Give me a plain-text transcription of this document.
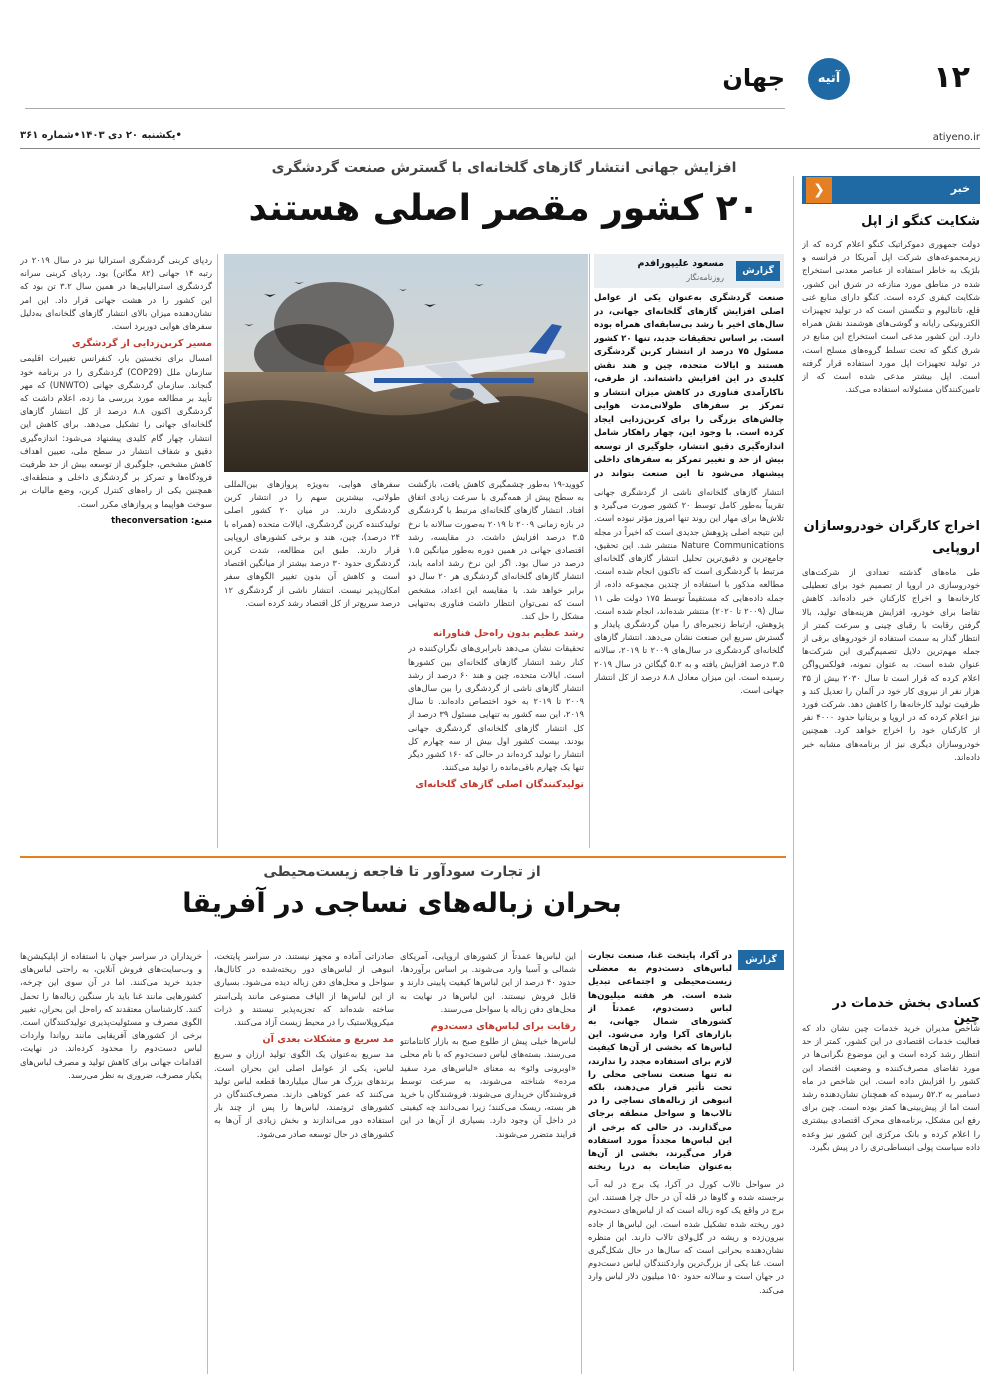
۱۲
آتیه
جهان
atiyeno.ir
•یکشنبه ۲۰ دی ۱۴۰۳•شماره ۳۶۱
خبر
❮
شکایت کنگو از اپل
دولت جمهوری دموکراتیک کنگو اعلام کرده که از زیرمجموعه‌های شرکت اپل آمریکا در فرانسه و بلژیک به خاطر استفاده از عناصر معدنی استخراج شده در مناطق مورد منازعه در شرق این کشور، شکایت کیفری کرده است. کنگو دارای منابع غنی قلع، تانتالیوم و تنگستن است که در تولید تجهیزات الکترونیکی رایانه و گوشی‌های هوشمند نقش همراه دارد. این کشور مدعی است استخراج این منابع در شرق کنگو که تحت تسلط گروه‌های مسلح است، در تولید تجهیزات اپل مورد استفاده قرار گرفته است. اپل بیشتر مدعی شده است که از تامین‌کنندگان مسئولانه استفاده می‌کند.
اخراج کارگران خودروسازان اروپایی
طی ماه‌های گذشته تعدادی از شرکت‌های خودروسازی در اروپا از تصمیم خود برای تعطیلی کارخانه‌ها و اخراج کارکنان خبر داده‌اند. کاهش تقاضا برای خودرو، افزایش هزینه‌های تولید، بالا گرفتن رقابت با رقبای چینی و سرعت کمتر از انتظار گذار به سمت استفاده از خودروهای برقی از جمله مهم‌ترین دلایل تصمیم‌گیری این شرکت‌ها عنوان شده است. به عنوان نمونه، فولکس‌واگن اعلام کرده که قرار است تا سال ۲۰۳۰ بیش از ۳۵ هزار نفر از نیروی کار خود در آلمان را تعدیل کند و ظرفیت تولید کارخانه‌ها را کاهش دهد. شرکت فورد نیز اعلام کرده که در اروپا و بریتانیا حدود ۴۰۰۰ نفر از کارکنان خود را اخراج خواهد کرد. همچنین خودروسازان دیگری نیز از برنامه‌های مشابه خبر داده‌اند.
کسادی بخش خدمات در چین
شاخص مدیران خرید خدمات چین نشان داد که فعالیت خدمات اقتصادی در این کشور، کمتر از حد انتظار رشد کرده است و این موضوع نگرانی‌ها در مورد تقاضای مصرف‌کننده و وضعیت اقتصاد این کشور را افزایش داده است. این شاخص در ماه دسامبر به ۵۲.۲ رسیده که همچنان نشان‌دهنده رشد است اما از پیش‌بینی‌ها کمتر بوده است. چین برای رفع این مشکل، برنامه‌های محرک اقتصادی بیشتری را اعلام کرده و بانک مرکزی این کشور نیز وعده داده سیاست پولی انبساطی‌تری را در پیش بگیرد.
افزایش جهانی انتشار گازهای گلخانه‌ای با گسترش صنعت گردشگری
۲۰ کشور مقصر اصلی هستند
گزارش
مسعود علیپورافدم
روزنامه‌نگار
صنعت گردشگری به‌عنوان یکی از عوامل اصلی افزایش گازهای گلخانه‌ای جهانی، در سال‌های اخیر با رشد بی‌سابقه‌ای همراه بوده است. بر اساس تحقیقات جدید، تنها ۲۰ کشور مسئول ۷۵ درصد از انتشار کربن گردشگری هستند و ایالات متحده، چین و هند نقش کلیدی در این افزایش داشته‌اند. از طرفی، ناکارآمدی فناوری در کاهش میزان انتشار و تمرکز بر سفرهای طولانی‌مدت هوایی چالش‌های بزرگی را برای کربن‌زدایی ایجاد کرده است. با وجود این، چهار راهکار شامل اندازه‌گیری دقیق انتشار، جلوگیری از توسعه بیش از حد و تغییر تمرکز به سفرهای داخلی پیشنهاد می‌شود تا این صنعت بتواند در

انتشار گازهای گلخانه‌ای ناشی از گردشگری جهانی تقریباً به‌طور کامل توسط ۲۰ کشور صورت می‌گیرد و تلاش‌ها برای مهار این روند تنها امروز مؤثر نبوده است. این نتیجه اصلی پژوهش جدیدی است که اخیراً در مجله Nature Communications منتشر شد. این تحقیق، جامع‌ترین و دقیق‌ترین تحلیل انتشار گازهای گلخانه‌ای مرتبط با گردشگری است که تاکنون انجام شده است. مطالعه مذکور با استفاده از چندین مجموعه داده، از جمله داده‌هایی که مستقیماً توسط ۱۷۵ دولت طی ۱۱ سال (۲۰۰۹ تا ۲۰۲۰) منتشر شده‌اند، انجام شده است. پژوهش، ارتباط زنجیره‌ای را میان گردشگری پایدار و گسترش سریع این صنعت نشان می‌دهد. انتشار گازهای گلخانه‌ای گردشگری در سال‌های ۲۰۰۹ تا ۲۰۱۹، سالانه ۳.۵ درصد افزایش یافته و به ۵.۲ گیگاتن در سال ۲۰۱۹ رسیده است. این میزان معادل ۸.۸ درصد از کل انتشار جهانی است.

کووید-۱۹ به‌طور چشمگیری کاهش یافت، بازگشت به سطح پیش از همه‌گیری با سرعت زیادی اتفاق افتاد. انتشار گازهای گلخانه‌ای مرتبط با گردشگری در بازه زمانی ۲۰۰۹ تا ۲۰۱۹ به‌صورت سالانه با نرخ ۳.۵ درصد افزایش داشت. در مقایسه، رشد اقتصادی جهانی در همین دوره به‌طور میانگین ۱.۵ درصد در سال بود. اگر این نرخ رشد ادامه یابد، انتشار گازهای گلخانه‌ای گردشگری هر ۲۰ سال دو برابر خواهد شد. با مقایسه این اعداد، مشخص است که نمی‌توان انتظار داشت فناوری به‌تنهایی مشکل را حل کند.

رشد عظیم بدون راه‌حل فناورانه

تحقیقات نشان می‌دهد نابرابری‌های نگران‌کننده در کنار رشد انتشار گازهای گلخانه‌ای بین کشورها است. ایالات متحده، چین و هند ۶۰ درصد از رشد انتشار گازهای ناشی از گردشگری را بین سال‌های ۲۰۰۹ تا ۲۰۱۹ به خود اختصاص داده‌اند. تا سال ۲۰۱۹، این سه کشور به تنهایی مسئول ۳۹ درصد از کل انتشار گازهای گلخانه‌ای گردشگری جهانی بودند. بیست کشور اول بیش از سه چهارم کل انتشار را تولید کرده‌اند در حالی که ۱۶۰ کشور دیگر تنها یک چهارم باقی‌مانده را تولید می‌کنند.

تولیدکنندگان اصلی گازهای گلخانه‌ای

سفرهای هوایی، به‌ویژه پروازهای بین‌المللی طولانی، بیشترین سهم را در انتشار کربن گردشگری دارند. در میان ۲۰ کشور اصلی تولیدکننده کربن گردشگری، ایالات متحده (همراه با ۲۴ درصد)، چین، هند و برخی کشورهای اروپایی قرار دارند. طبق این مطالعه، شدت کربن گردشگری حدود ۳۰ درصد بیشتر از میانگین اقتصاد است و کاهش آن بدون تغییر الگوهای سفر امکان‌پذیر نیست. انتشار ناشی از گردشگری ۱۲ درصد سریع‌تر از کل اقتصاد رشد کرده است.

ردپای کربنی گردشگری استرالیا نیز در سال ۲۰۱۹ در رتبه ۱۴ جهانی (۸۲ مگاتن) بود. ردپای کربنی سرانه گردشگری استرالیایی‌ها در همین سال ۳.۲ تن بود که این کشور را در هشت جهانی قرار داد. این امر نشان‌دهنده میزان بالای انتشار گازهای گلخانه‌ای به‌دلیل سفرهای هوایی دوربرد است.

مسیر کربن‌زدایی از گردشگری

امسال برای نخستین بار، کنفرانس تغییرات اقلیمی سازمان ملل (COP29) گردشگری را در برنامه خود گنجاند. سازمان گردشگری جهانی (UNWTO) که مهر تأیید بر مطالعه مورد بررسی ما زده، اعلام داشت که گردشگری اکنون ۸.۸ درصد از کل انتشار گازهای گلخانه‌ای جهانی را تشکیل می‌دهد. برای کاهش این انتشار، چهار گام کلیدی پیشنهاد می‌شود: اندازه‌گیری دقیق و شفاف انتشار در سطح ملی، تعیین اهداف کاهش مشخص، جلوگیری از توسعه بیش از حد ظرفیت فرودگاه‌ها و تمرکز بر گردشگری داخلی و منطقه‌ای. همچنین یکی از راه‌های کنترل کربن، وضع مالیات بر سوخت هواپیما و پروازهای مکرر است.

منبع: theconversation

از تجارت سودآور تا فاجعه زیست‌محیطی
بحران زباله‌های نساجی در آفریقا
گزارش
در آکرا، پایتخت غنا، صنعت تجارت لباس‌های دست‌دوم به معضلی زیست‌محیطی و اجتماعی تبدیل شده است. هر هفته میلیون‌ها لباس دست‌دوم، عمدتاً از کشورهای شمال جهانی، به بازارهای آکرا وارد می‌شود. این لباس‌ها که بخشی از آن‌ها کیفیت لازم برای استفاده مجدد را ندارند، نه تنها صنعت نساجی محلی را تحت تأثیر قرار می‌دهند، بلکه انبوهی از زباله‌های نساجی را در تالاب‌ها و سواحل منطقه برجای می‌گذارند. در حالی که برخی از این لباس‌ها مجدداً مورد استفاده قرار می‌گیرند، بخشی از آن‌ها به‌عنوان ضایعات به دریا ریخته

در سواحل تالاب کورل در آکرا، یک برج در لبه آب برجسته شده و گاوها در قله آن در حال چرا هستند. این برج در واقع یک کوه زباله است که از لباس‌های دست‌دوم دور ریخته شده تشکیل شده است. این لباس‌ها از جاده بیرون‌زده و ریشه در گل‌ولای تالاب دارند. این منظره نشان‌دهنده بحرانی است که سال‌ها در حال شکل‌گیری است. غنا یکی از بزرگ‌ترین واردکنندگان لباس دست‌دوم در جهان است و سالانه حدود ۱۵۰ میلیون دلار لباس وارد می‌کند.

این لباس‌ها عمدتاً از کشورهای اروپایی، آمریکای شمالی و آسیا وارد می‌شوند. بر اساس برآوردها، حدود ۴۰ درصد از این لباس‌ها کیفیت پایینی دارند و قابل فروش نیستند. این لباس‌ها در نهایت به محل‌های دفن زباله یا سواحل می‌رسند.

رقابت برای لباس‌های دست‌دوم

لباس‌ها خیلی پیش از طلوع صبح به بازار کانتامانتو می‌رسند. بسته‌های لباس دست‌دوم که با نام محلی «اوبرونی وائو» به معنای «لباس‌های مرد سفید مرده» شناخته می‌شوند، به سرعت توسط فروشندگان خریداری می‌شوند. فروشندگان با خرید هر بسته، ریسک می‌کنند؛ زیرا نمی‌دانند چه کیفیتی در داخل آن وجود دارد. بسیاری از آن‌ها در این فرایند متضرر می‌شوند.

صادراتی آماده و مجهز نیستند. در سراسر پایتخت، انبوهی از لباس‌های دور ریخته‌شده در کانال‌ها، سواحل و محل‌های دفن زباله دیده می‌شود. بسیاری از این لباس‌ها از الیاف مصنوعی مانند پلی‌استر ساخته شده‌اند که تجزیه‌پذیر نیستند و ذرات میکروپلاستیک را در محیط زیست آزاد می‌کنند.

مد سریع و مشکلات بعدی آن

مد سریع به‌عنوان یک الگوی تولید ارزان و سریع لباس، یکی از عوامل اصلی این بحران است. برندهای بزرگ هر سال میلیاردها قطعه لباس تولید می‌کنند که عمر کوتاهی دارند. مصرف‌کنندگان در کشورهای ثروتمند، لباس‌ها را پس از چند بار استفاده دور می‌اندازند و بخش زیادی از آن‌ها به کشورهای در حال توسعه صادر می‌شود.

خریداران در سراسر جهان با استفاده از اپلیکیشن‌ها و وب‌سایت‌های فروش آنلاین، به راحتی لباس‌های جدید خرید می‌کنند. اما در آن سوی این چرخه، کشورهایی مانند غنا باید بار سنگین زباله‌ها را تحمل کنند. کارشناسان معتقدند که راه‌حل این بحران، تغییر الگوی مصرف و مسئولیت‌پذیری تولیدکنندگان است. برخی از کشورهای آفریقایی مانند رواندا واردات لباس دست‌دوم را محدود کرده‌اند. در نهایت، اقدامات جهانی برای کاهش تولید و مصرف لباس‌های یکبار مصرف، ضروری به نظر می‌رسد.
